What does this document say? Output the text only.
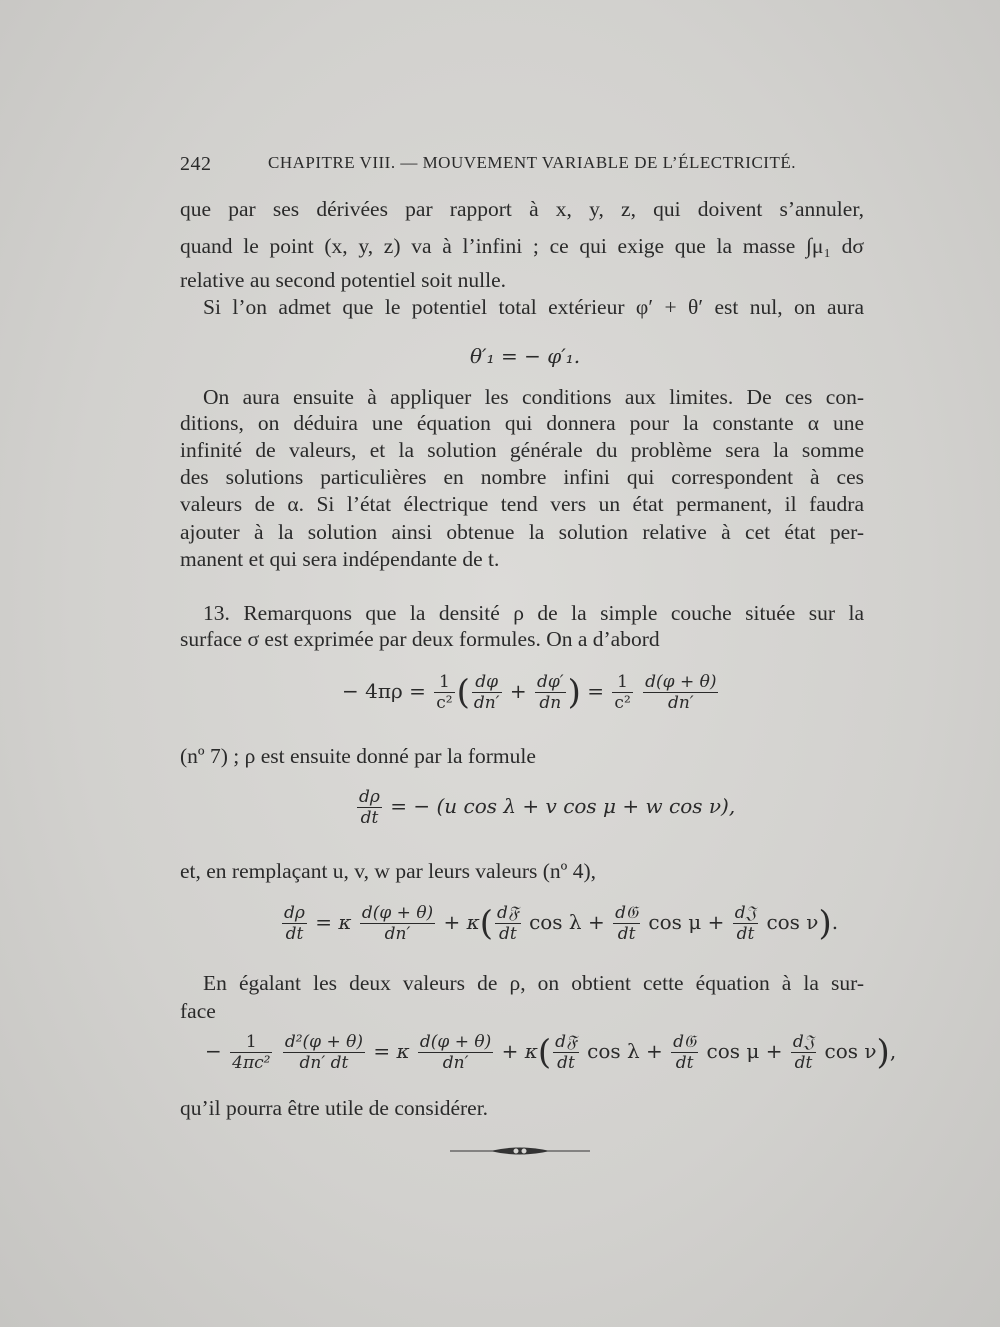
242	CHAPITRE VIII. — MOUVEMENT VARIABLE DE L’ÉLECTRICITÉ.
que par ses dérivées par rapport à x, y, z, qui doivent s’annuler,
quand le point (x, y, z) va à l’infini ; ce qui exige que la masse ∫μ₁ dσ
relative au second potentiel soit nulle.
Si l’on admet que le potentiel total extérieur φ′ + θ′ est nul, on aura
θ′₁ = − φ′₁.
On aura ensuite à appliquer les conditions aux limites. De ces con-
ditions, on déduira une équation qui donnera pour la constante α une
infinité de valeurs, et la solution générale du problème sera la somme
des solutions particulières en nombre infini qui correspondent à ces
valeurs de α. Si l’état électrique tend vers un état permanent, il faudra
ajouter à la solution ainsi obtenue la solution relative à cet état per-
manent et qui sera indépendante de t.
13. Remarquons que la densité ρ de la simple couche située sur la
surface σ est exprimée par deux formules. On a d’abord
− $4\pi\rho = \frac{1}{\text{c²}}$ ( $\frac{d\varphi}{dn'} + \frac{d\varphi'}{dn}$ ) = $\frac{1}{\text{c²}}$
$\frac{d(\varphi + \theta)}{dn'}$
(nº 7) ; ρ est ensuite donné par la formule
$\frac{d\rho}{dt}$ = − (u cos λ + v cos μ + w cos ν),
et, en remplaçant u, v, w par leurs valeurs (nº 4),
$\frac{d\rho}{dt} = \kappa \frac{d(\varphi + \theta)}{dn'} + \kappa( \frac{\text{d𝔉}}{dt}$ $\cos \lambda + \frac{\text{d𝔊}}{dt}$ $\cos \mu + \frac{\text{d𝔍}}{dt}$ cos ν).
En égalant les deux valeurs de ρ, on obtient cette équation à la sur-
face
− $\frac{1}{\text{4πc²}}$
$\frac{\text{d²(φ + θ)}}{dn' dt} = \kappa \frac{d(\varphi + \theta)}{dn'} + \kappa( \frac{\text{d𝔉}}{dt}$ $\cos \lambda + \frac{\text{d𝔊}}{dt}$ $\cos \mu + \frac{\text{d𝔍}}{dt}$ cos ν),
qu’il pourra être utile de considérer.
